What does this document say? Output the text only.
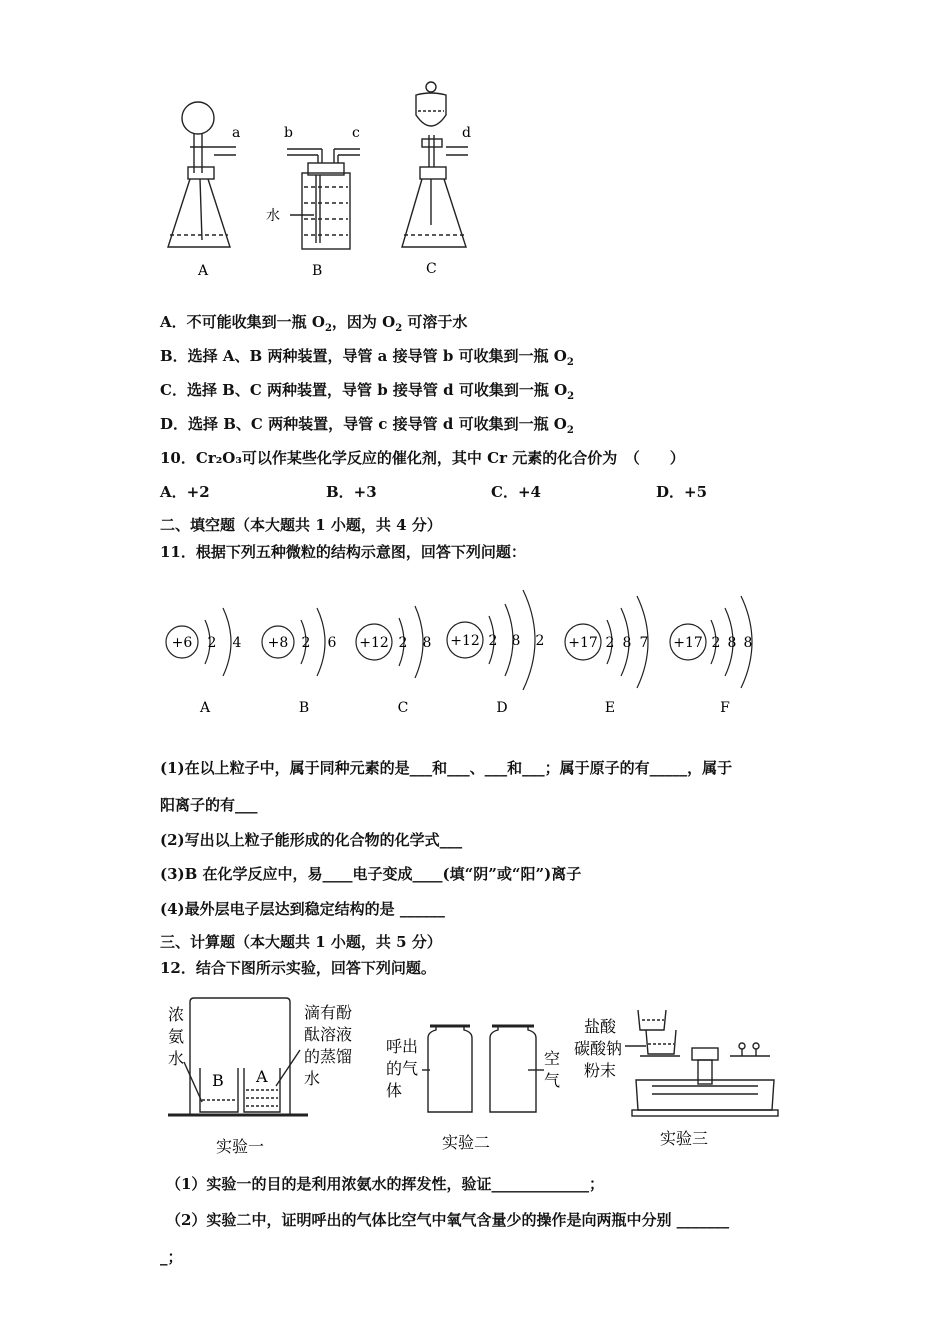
a	b	c	d
水
A	B	C
A．不可能收集到一瓶 $O_2$，因为 $O_2$ 可溶于水
B．选择 A、B 两种装置，导管 a 接导管 b 可收集到一瓶 $O_2$
C．选择 B、C 两种装置，导管 b 接导管 d 可收集到一瓶 $O_2$
D．选择 B、C 两种装置，导管 c 接导管 d 可收集到一瓶 $O_2$
10．Cr₂O₃可以作某些化学反应的催化剂，其中 Cr 元素的化合价为　（　　）
A．+2	B．+3	C．+4	D．+5
二、填空题（本大题共 1 小题，共 4 分）
11．根据下列五种微粒的结构示意图，回答下列问题：
+6 2 4
A
+8 2 6
B
+12 2 8
C
+12 2 8 2
D
+17 2 8 7
E
+17 2 8 8
F
(1)在以上粒子中，属于同种元素的是___和___、___和___；属于原子的有_____，属于
阳离子的有___
(2)写出以上粒子能形成的化合物的化学式___
(3)B 在化学反应中，易____电子变成____(填“阴”或“阳”)离子
(4)最外层电子层达到稳定结构的是 ______
三、计算题（本大题共 1 小题，共 5 分）
12．结合下图所示实验，回答下列问题。
浓
氨
水
滴有酚
酞溶液
的蒸馏
水
B A
实验一
呼出
的气
体
空
气
实验二
盐酸
碳酸钠
粉末
实验三
（1）实验一的目的是利用浓氨水的挥发性，验证_____________；
（2）实验二中，证明呼出的气体比空气中氧气含量少的操作是向两瓶中分别 _______
_；
